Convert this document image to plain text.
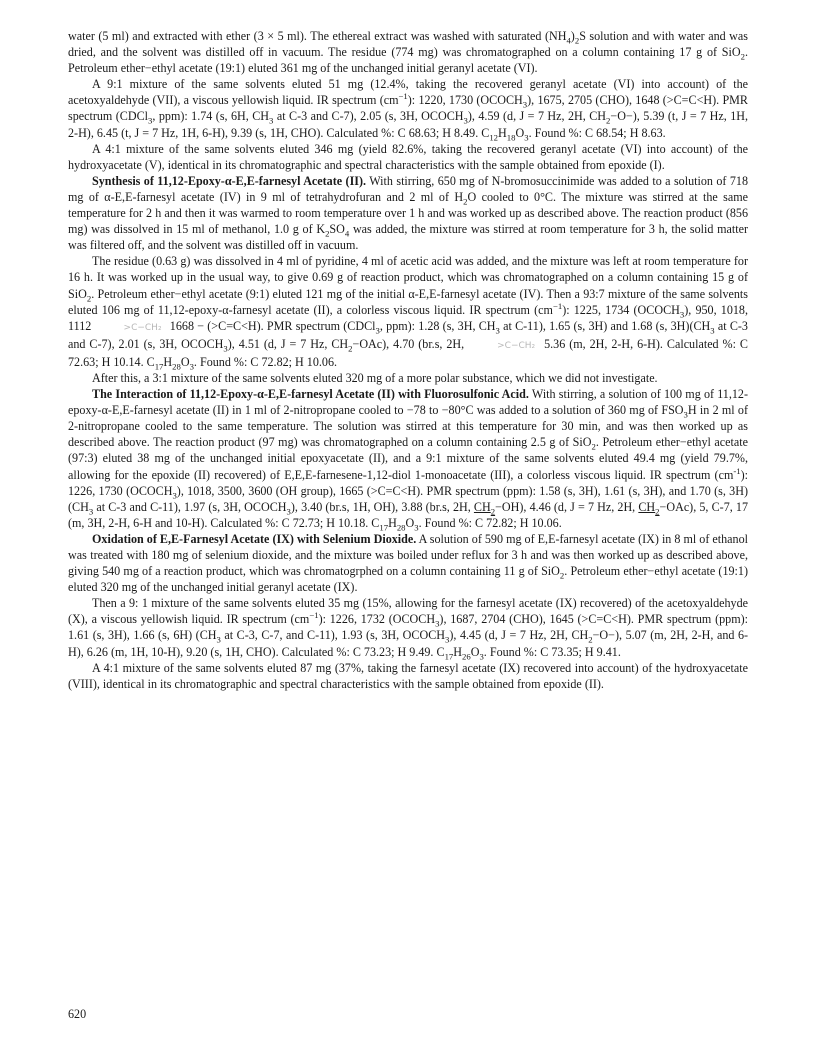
water (5 ml) and extracted with ether (3 × 5 ml). The ethereal extract was washed with saturated $(NH_4)_2S$ solution and with water and was dried, and the solvent was distilled off in vacuum. The residue (774 mg) was chromatographed on a column containing 17 g of SiO$_2$. Petroleum ether−ethyl acetate (19:1) eluted 361 mg of the unchanged initial geranyl acetate (VI).

A 9:1 mixture of the same solvents eluted 51 mg (12.4%, taking the recovered geranyl acetate (VI) into account) of the acetoxyaldehyde (VII), a viscous yellowish liquid. IR spectrum $(cm^{-1})$: 1220, 1730 $(OCOCH_3)$, 1675, 2705 (CHO), 1648 (>C=C<H). PMR spectrum (CDCl$_3$, ppm): 1.74 (s, 6H, $CH_3$ at C-3 and C-7), 2.05 (s, 3H, $OCOCH_3$), 4.59 (d, J = 7 Hz, 2H, $CH_2-O-$), 5.39 (t, J = 7 Hz, 1H, 2-H), 6.45 (t, J = 7 Hz, 1H, 6-H), 9.39 (s, 1H, CHO). Calculated %: C 68.63; H 8.49. $C_{12}H_{18}O_3$. Found %: C 68.54; H 8.63.

A 4:1 mixture of the same solvents eluted 346 mg (yield 82.6%, taking the recovered geranyl acetate (VI) into account) of the hydroxyacetate (V), identical in its chromatographic and spectral characteristics with the sample obtained from epoxide (I).

Synthesis of 11,12-Epoxy-α-E,E-farnesyl Acetate (II). With stirring, 650 mg of N-bromosuccinimide was added to a solution of 718 mg of α-E,E-farnesyl acetate (IV) in 9 ml of tetrahydrofuran and 2 ml of $H_2O$ cooled to 0°C. The mixture was stirred at the same temperature for 2 h and then it was warmed to room temperature over 1 h and was worked up as described above. The reaction product (856 mg) was dissolved in 15 ml of methanol, 1.0 g of $K_2SO_4$ was added, the mixture was stirred at room temperature for 3 h, the solid matter was filtered off, and the solvent was distilled off in vacuum.

The residue (0.63 g) was dissolved in 4 ml of pyridine, 4 ml of acetic acid was added, and the mixture was left at room temperature for 16 h. It was worked up in the usual way, to give 0.69 g of reaction product, which was chromatographed on a column containing 15 g of SiO$_2$. Petroleum ether−ethyl acetate (9:1) eluted 121 mg of the initial α-E,E-farnesyl acetate (IV). Then a 93:7 mixture of the same solvents eluted 106 mg of 11,12-epoxy-α-farnesyl acetate (II), a colorless viscous liquid. IR spectrum $(cm^{-1})$: 1225, 1734 $(OCOCH_3)$, 950, 1018, 1112	>C−CH₂ 1668 − (>C=C<H). PMR spectrum (CDCl$_3$, ppm): 1.28 (s, 3H, $CH_3$ at C-11), 1.65 (s, 3H) and 1.68 (s, $3H)(CH_3$ at C-3 and C-7), 2.01 (s, 3H, $OCOCH_3$), 4.51 (d, J = 7 Hz, $CH_2-OAc$), 4.70 (br.s, 2H,	>C−CH₂ 5.36 (m, 2H, 2-H, 6-H). Calculated %: C 72.63; H 10.14. $C_{17}H_{28}O_3$. Found %: C 72.82; H 10.06.

After this, a 3:1 mixture of the same solvents eluted 320 mg of a more polar substance, which we did not investigate.

The Interaction of 11,12-Epoxy-α-E,E-farnesyl Acetate (II) with Fluorosulfonic Acid. With stirring, a solution of 100 mg of 11,12-epoxy-α-E,E-farnesyl acetate (II) in 1 ml of 2-nitropropane cooled to −78 to −80°C was added to a solution of 360 mg of $FSO_3H$ in 2 ml of 2-nitropropane cooled to the same temperature. The solution was stirred at this temperature for 30 min, and was then worked up as described above. The reaction product (97 mg) was chromatographed on a column containing 2.5 g of SiO$_2$. Petroleum ether−ethyl acetate (97:3) eluted 38 mg of the unchanged initial epoxyacetate (II), and a 9:1 mixture of the same solvents eluted 49.4 mg (yield 79.7%, allowing for the epoxide (II) recovered) of E,E,E-farnesene-1,12-diol 1-monoacetate (III), a colorless viscous liquid. IR spectrum $(cm^{-1})$: 1226, 1730 $(OCOCH_3)$, 1018, 3500, 3600 (OH group), 1665 (>C=C<H). PMR spectrum (ppm): 1.58 (s, 3H), 1.61 (s, 3H), and 1.70 (s, 3H) ($CH_3$ at C-3 and C-11), 1.97 (s, 3H, $OCOCH_3$), 3.40 (br.s, 1H, OH), 3.88 (br.s, 2H, $CH_2-OH$), 4.46 (d, J = 7 Hz, 2H, $CH_2-OAc$), 5, C-7, 17 (m, 3H, 2-H, 6-H and 10-H). Calculated %: C 72.73; H 10.18. $C_{17}H_{28}O_3$. Found %: C 72.82; H 10.06.

Oxidation of E,E-Farnesyl Acetate (IX) with Selenium Dioxide. A solution of 590 mg of E,E-farnesyl acetate (IX) in 8 ml of ethanol was treated with 180 mg of selenium dioxide, and the mixture was boiled under reflux for 3 h and was then worked up as described above, giving 540 mg of a reaction product, which was chromatogrphed on a column containing 11 g of SiO$_2$. Petroleum ether−ethyl acetate (19:1) eluted 320 mg of the unchanged initial geranyl acetate (IX).

Then a 9: 1 mixture of the same solvents eluted 35 mg (15%, allowing for the farnesyl acetate (IX) recovered) of the acetoxyaldehyde (X), a viscous yellowish liquid. IR spectrum $(cm^{-1})$: 1226, 1732 $(OCOCH_3)$, 1687, 2704 (CHO), 1645 (>C=C<H). PMR spectrum (ppm): 1.61 (s, 3H), 1.66 (s, 6H) ($CH_3$ at C-3, C-7, and C-11), 1.93 (s, 3H, $OCOCH_3$), 4.45 (d, J = 7 Hz, 2H, $CH_2-O-$), 5.07 (m, 2H, 2-H, and 6-H), 6.26 (m, 1H, 10-H), 9.20 (s, 1H, CHO). Calculated %: C 73.23; H 9.49. $C_{17}H_{26}O_3$. Found %: C 73.35; H 9.41.

A 4:1 mixture of the same solvents eluted 87 mg (37%, taking the farnesyl acetate (IX) recovered into account) of the hydroxyacetate (VIII), identical in its chromatographic and spectral characteristics with the sample obtained from epoxide (II).

620
